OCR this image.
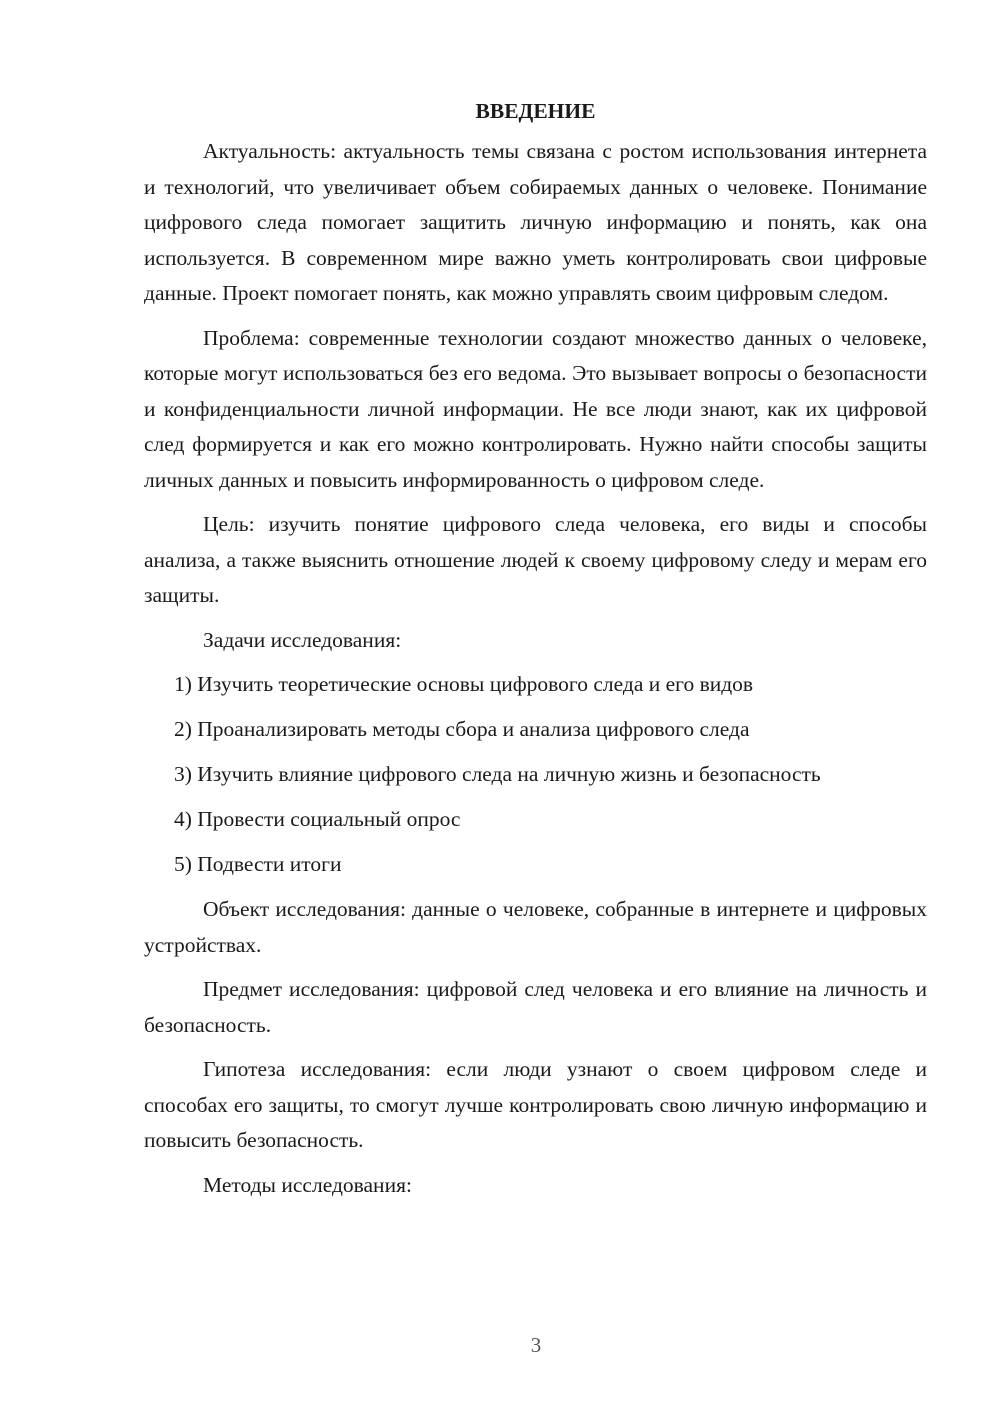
ВВЕДЕНИЕ

Актуальность: актуальность темы связана с ростом использования интернета и технологий, что увеличивает объем собираемых данных о человеке. Понимание цифрового следа помогает защитить личную информацию и понять, как она используется. В современном мире важно уметь контролировать свои цифровые данные. Проект помогает понять, как можно управлять своим цифровым следом.

Проблема: современные технологии создают множество данных о человеке, которые могут использоваться без его ведома. Это вызывает вопросы о безопасности и конфиденциальности личной информации. Не все люди знают, как их цифровой след формируется и как его можно контролировать. Нужно найти способы защиты личных данных и повысить информированность о цифровом следе.

Цель: изучить понятие цифрового следа человека, его виды и способы анализа, а также выяснить отношение людей к своему цифровому следу и мерам его защиты.

Задачи исследования:

1) Изучить теоретические основы цифрового следа и его видов
2) Проанализировать методы сбора и анализа цифрового следа
3) Изучить влияние цифрового следа на личную жизнь и безопасность
4) Провести социальный опрос
5) Подвести итоги

Объект исследования: данные о человеке, собранные в интернете и цифровых устройствах.

Предмет исследования: цифровой след человека и его влияние на личность и безопасность.

Гипотеза исследования: если люди узнают о своем цифровом следе и способах его защиты, то смогут лучше контролировать свою личную информацию и повысить безопасность.

Методы исследования:

3
